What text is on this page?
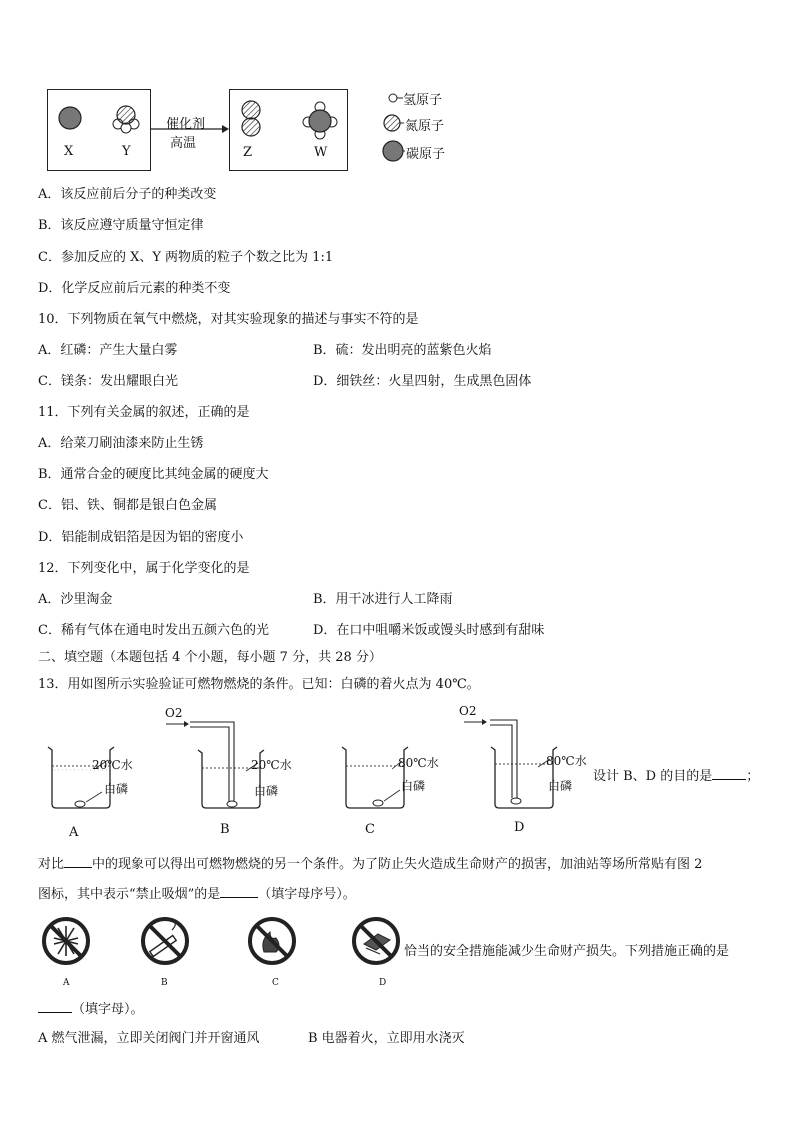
X	Y	Z	W
催化剂
高温
氢原子
氮原子
碳原子
A．该反应前后分子的种类改变
B．该反应遵守质量守恒定律
C．参加反应的 X、Y 两物质的粒子个数之比为 1:1
D．化学反应前后元素的种类不变
10．下列物质在氧气中燃烧，对其实验现象的描述与事实不符的是
A．红磷：产生大量白雾	B．硫：发出明亮的蓝紫色火焰
C．镁条：发出耀眼白光	D．细铁丝：火星四射，生成黑色固体
11．下列有关金属的叙述，正确的是
A．给菜刀刷油漆来防止生锈
B．通常合金的硬度比其纯金属的硬度大
C．铝、铁、铜都是银白色金属
D．铝能制成铝箔是因为铝的密度小
12．下列变化中，属于化学变化的是
A．沙里淘金	B．用干冰进行人工降雨
C．稀有气体在通电时发出五颜六色的光	D．在口中咀嚼米饭或馒头时感到有甜味
二、填空题（本题包括 4 个小题，每小题 7 分，共 28 分）
13．用如图所示实验验证可燃物燃烧的条件。已知：白磷的着火点为 40℃。
20℃水
白磷
A
O2
20℃水
白磷
B
80℃水
白磷
C
O2
80℃水
白磷
D
设计 B、D 的目的是	；
对比 中的现象可以得出可燃物燃烧的另一个条件。为了防止失火造成生命财产的损害，加油站等场所常贴有图 2
图标，其中表示“禁止吸烟”的是	（填字母序号）。
A	B	C	D
恰当的安全措施能减少生命财产损失。下列措施正确的是
（填字母）。
A 燃气泄漏，立即关闭阀门并开窗通风	B 电器着火，立即用水浇灭
